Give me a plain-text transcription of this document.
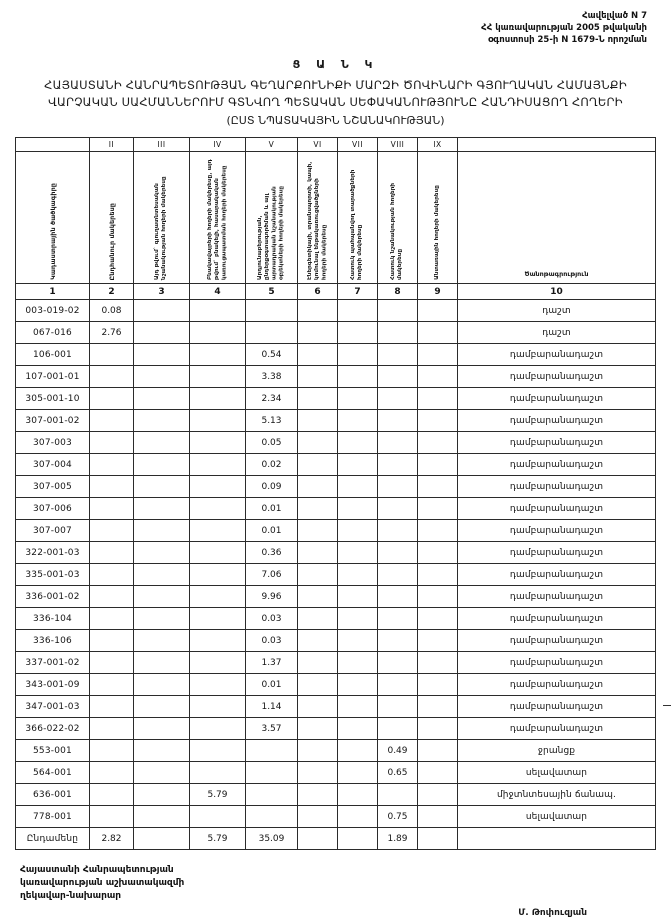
Հավելված N 7
ՀՀ կառավարության 2005 թվականի
օգոստոսի 25-ի N 1679-Ն որոշման
Ց Ա Ն Կ
ՀԱՅԱՍՏԱՆԻ ՀԱՆՐԱՊԵՏՈՒԹՅԱՆ ԳԵՂԱՐՔՈՒՆԻՔԻ ՄԱՐԶԻ ԾՈՎԻՆԱՐԻ ԳՅՈՒՂԱԿԱՆ ՀԱՄԱՅՆՔԻ
ՎԱՐՉԱԿԱՆ ՍԱՀՄԱՆՆԵՐՈՒՄ ԳՏՆՎՈՂ ՊԵՏԱԿԱՆ ՍԵՓԱԿԱՆՈՒԹՅՈՒՆԸ ՀԱՆԴԻՍԱՑՈՂ ՀՈՂԵՐԻ
(ԸՍՏ ՆՊԱՏԱԿԱՅԻՆ ՆՇԱՆԱԿՈՒԹՅԱՆ)
	II	III	IV	V	VI	VII	VIII	IX	

Կադաստրային ծածկագիրը	Ընդհանուր մակերեսը	Այդ թվում` գյուղատնտեսական նշանակության հողերի մակերեսը	Բնակավայրերի հողերի մակերեսը, այդ թվում` բնակելի, հասարակական կառուցապատման հողերի մակերեսը	Արդյունաբերության, ընդերքօգտագործման և այլ արտադրական նշանակության օբյեկտների հողերի մակերեսը	Էներգետիկայի, տրանսպորտի, կապի, կոմունալ ենթակառուցվածքների հողերի մակերեսը	Հատուկ պահպանվող տարածքների հողերի մակերեսը	Հատուկ նշանակության հողերի մակերեսը	Անտառային հողերի մակերեսը	Ծանոթագրություն

1	2	3	4	5	6	7	8	9	10
003-019-02	0.08								դաշտ
067-016	2.76								դաշտ
106-001				0.54					դամբարանադաշտ
107-001-01				3.38					դամբարանադաշտ
305-001-10				2.34					դամբարանադաշտ
307-001-02				5.13					դամբարանադաշտ
307-003				0.05					դամբարանադաշտ
307-004				0.02					դամբարանադաշտ
307-005				0.09					դամբարանադաշտ
307-006				0.01					դամբարանադաշտ
307-007				0.01					դամբարանադաշտ
322-001-03				0.36					դամբարանադաշտ
335-001-03				7.06					դամբարանադաշտ
336-001-02				9.96					դամբարանադաշտ
336-104				0.03					դամբարանադաշտ
336-106				0.03					դամբարանադաշտ
337-001-02				1.37					դամբարանադաշտ
343-001-09				0.01					դամբարանադաշտ
347-001-03				1.14					դամբարանադաշտ
366-022-02				3.57					դամբարանադաշտ
553-001							0.49		ջրանցք
564-001							0.65		սելավատար
636-001			5.79						միջտնտեսային ճանապ.
778-001							0.75		սելավատար
Ընդամենը	2.82		5.79	35.09			1.89		
Հայաստանի Հանրապետության
կառավարության աշխատակազմի
ղեկավար-նախարար
Մ. Թոփուզյան
